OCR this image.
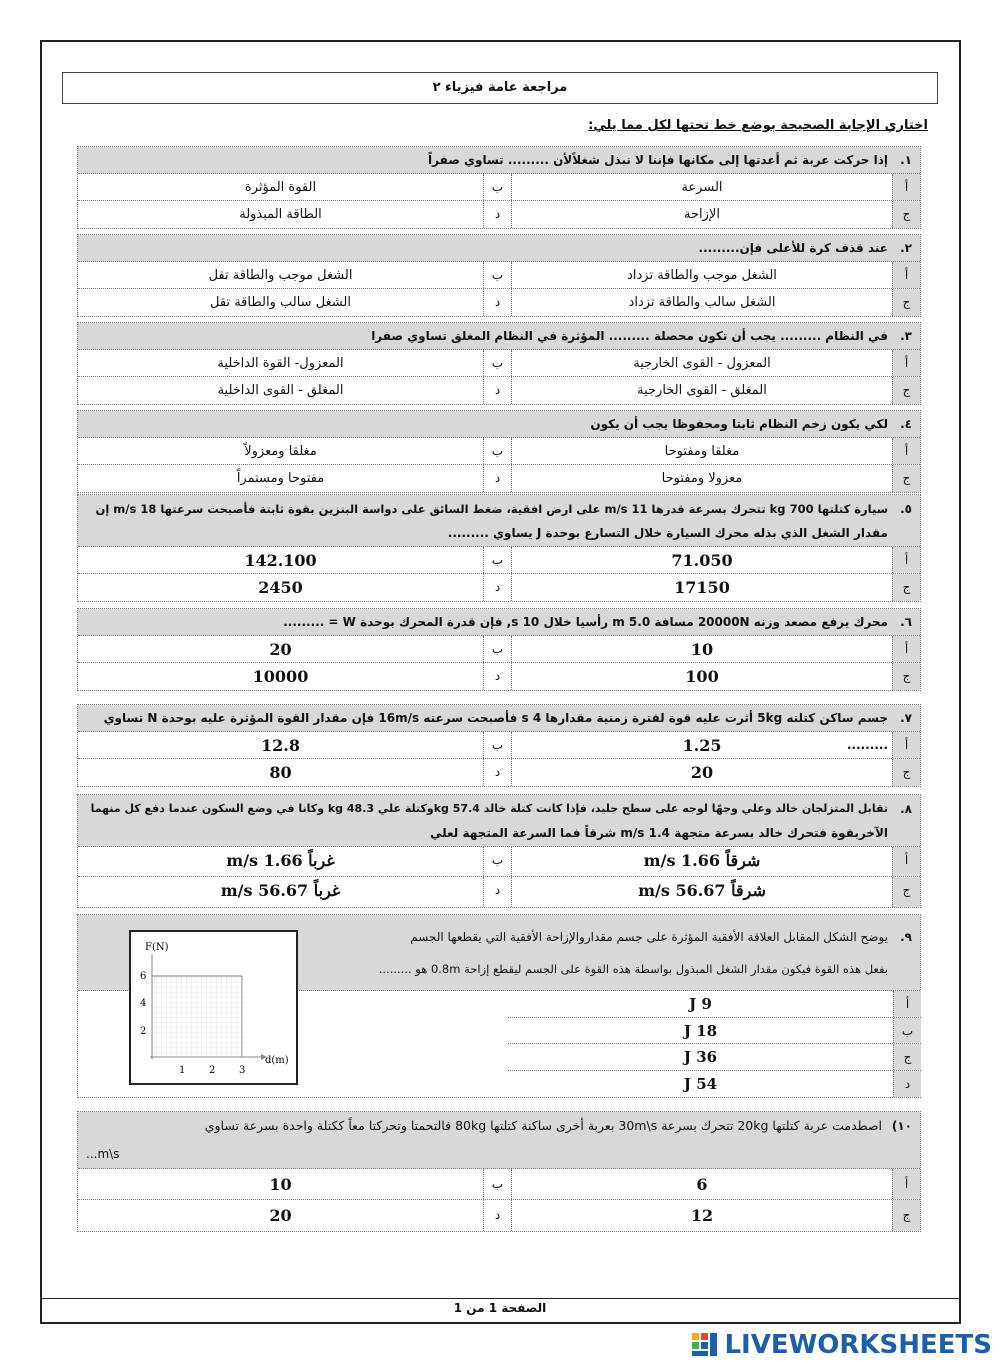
مراجعة عامة فيزياء ٢
اختاري الإجابة الصحيحة بوضع خط تحتها لكل مما يلي:
١.
إذا حركت عربة ثم أعدتها إلى مكانها فإننا لا نبذل شغلاًلأن ......... تساوي صفراً
أ
السرعة
ب
القوة المؤثرة
ج
الإزاحة
د
الطاقة المبذولة
٢.
عند قذف كرة للأعلى فإن.........
أ
الشغل موجب والطاقة تزداد
ب
الشغل موجب والطاقة تقل
ج
الشغل سالب والطاقة تزداد
د
الشغل سالب والطاقة تقل
٣.
في النظام ......... يجب أن تكون محصلة ......... المؤثرة في النظام المغلق تساوي صفرا
أ
المعزول - القوى الخارجية
ب
المعزول- القوة الداخلية
ج
المغلق - القوى الخارجية
د
المغلق - القوى الداخلية
٤.
لكي يكون زخم النظام ثابتا ومحفوظا يجب أن يكون
أ
مغلقا ومفتوحا
ب
مغلقا ومعزولاً
ج
معزولا ومفتوحا
د
مفتوحا ومستمراً
٥.
سيارة كتلتها 700 kg تتحرك بسرعة قدرها 11 m/s على ارض افقية، ضغط السائق على دواسة البنزين بقوة ثابتة فأصبحت سرعتها 18 m/s إن
مقدار الشغل الذي بذله محرك السيارة خلال التسارع بوحدة J يساوي .........
أ
71.050
ب
142.100
ج
17150
د
2450
٦.
محرك يرفع مصعد وزنه 20000N مسافة 5.0 m رأسيا خلال 10 s, فإن قدرة المحرك بوحدة W = .........
أ
10
ب
20
ج
100
د
10000
٧.
جسم ساكن كتلته 5kg أثرت عليه قوة لفترة زمنية مقدارها 4 s فأصبحت سرعته 16m/s فإن مقدار القوة المؤثرة عليه بوحدة N تساوي .........	أ
1.25
ب
12.8
ج
20
د
80
٨.
تقابل المتزلجان خالد وعلي وجهًا لوجه على سطح جليد، فإذا كانت كتلة خالد 57.4 kgوكتلة علي 48.3 kg وكانا في وضع السكون عندما دفع كل منهما
الآخربقوة فتحرك خالد بسرعة متجهة 1.4 m/s شرقاً فما السرعة المتجهة لعلي
أ
شرقاً 1.66 m/s
ب
غرباً 1.66 m/s
ج
شرقاً 56.67 m/s
د
غرباً 56.67 m/s
٩.
يوضح الشكل المقابل العلاقة الأفقية المؤثرة على جسم مقداروالإزاحة الأفقية التي يقطعها الجسم
بفعل هذه القوة فيكون مقدار الشغل المبذول بواسطة هذه القوة على الجسم ليقطع إزاحة 0.8m هو .........
أ
9 J
ب
18 J
ج
36 J
د
54 J
F(N)
d(m)
6
4
2
1 2 3
١٠)
اصطدمت عربة كتلتها 20kg تتحرك بسرعة 30m\s بعربة أخرى ساكنة كتلتها 80kg فالتحمتا وتحركتا معاً ككتلة واحدة بسرعة تساوي
m\s...
أ
6
ب
10
ج
12
د
20
الصفحة 1 من 1
LIVEWORKSHEETS
